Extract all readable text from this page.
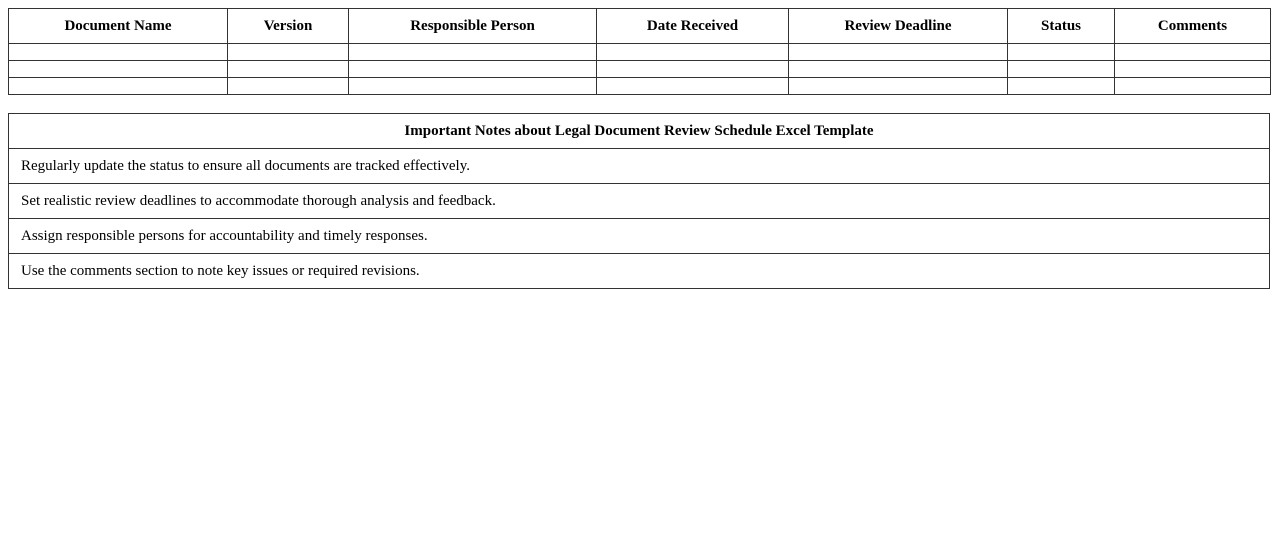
Document Name	Version	Responsible Person	Date Received	Review Deadline	Status	Comments

Important Notes about Legal Document Review Schedule Excel Template
Regularly update the status to ensure all documents are tracked effectively.
Set realistic review deadlines to accommodate thorough analysis and feedback.
Assign responsible persons for accountability and timely responses.
Use the comments section to note key issues or required revisions.
